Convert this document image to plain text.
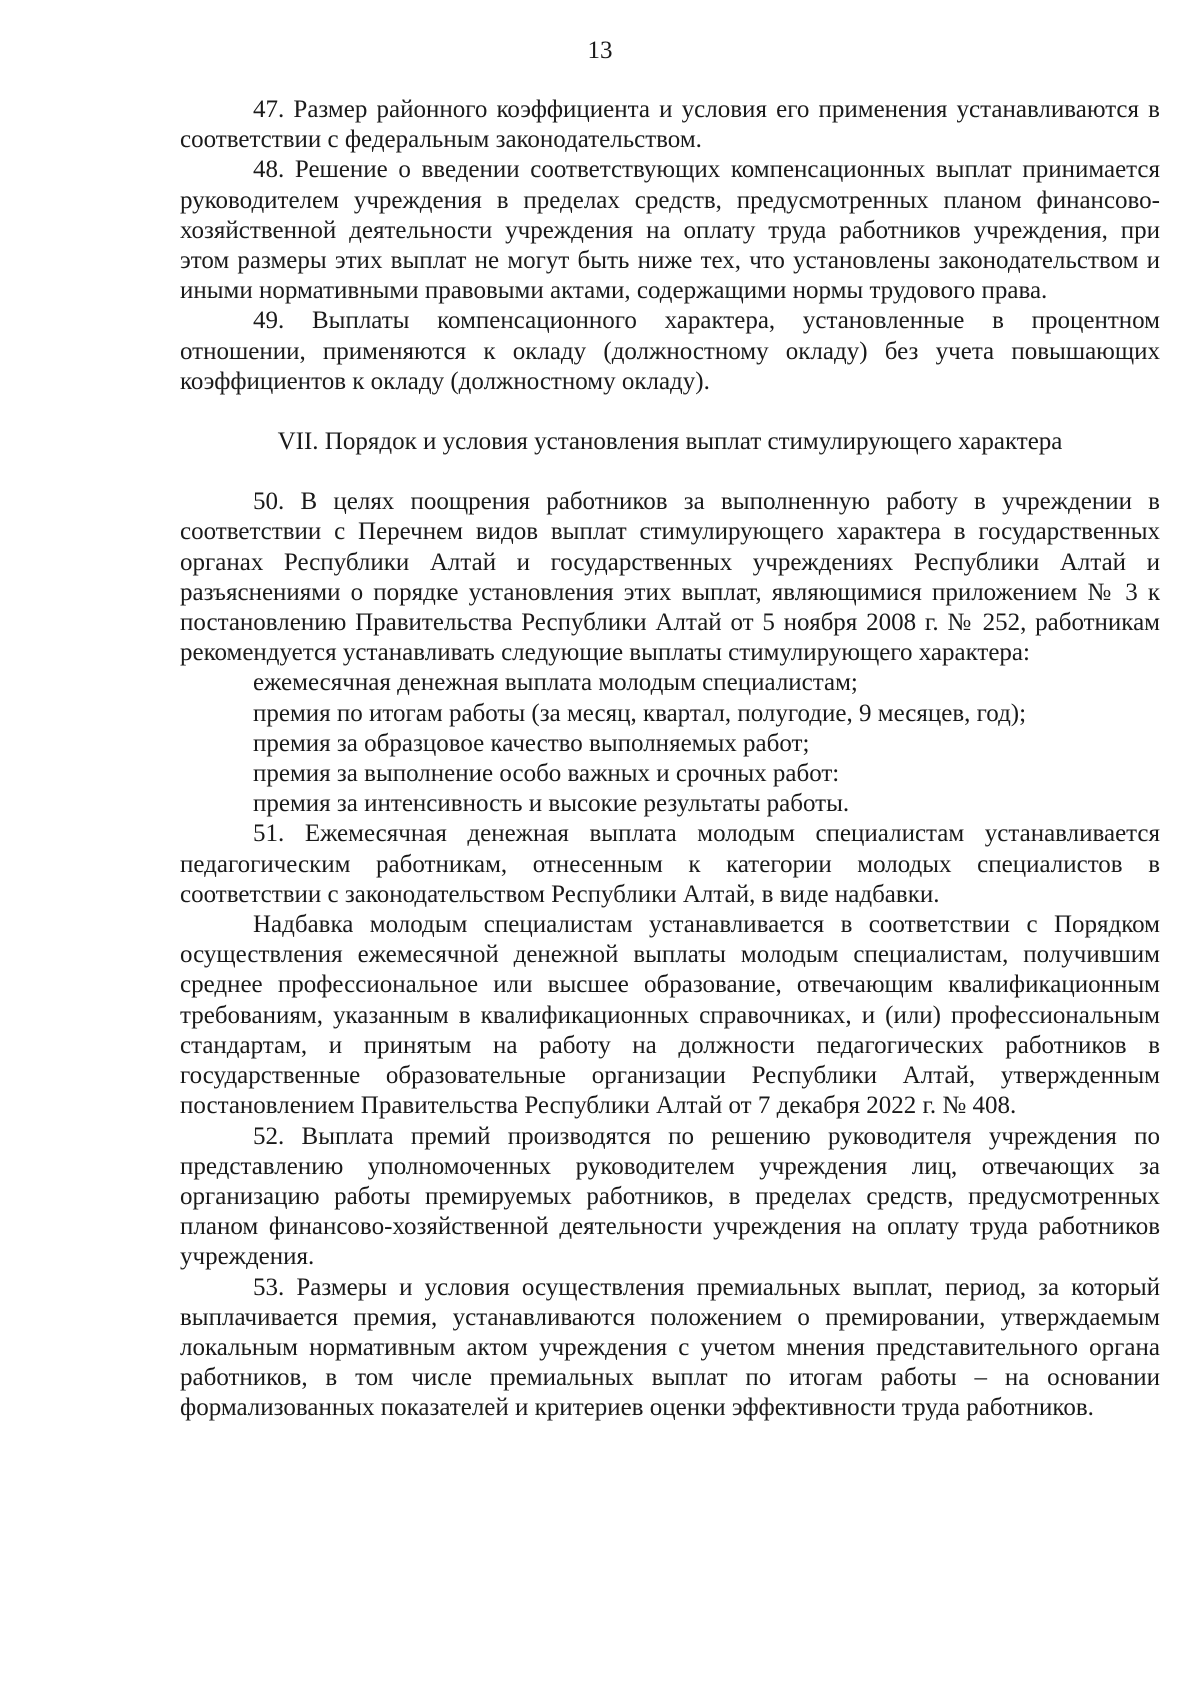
13

47. Размер районного коэффициента и условия его применения устанавливаются в соответствии с федеральным законодательством.

48. Решение о введении соответствующих компенсационных выплат принимается руководителем учреждения в пределах средств, предусмотренных планом финансово-хозяйственной деятельности учреждения на оплату труда работников учреждения, при этом размеры этих выплат не могут быть ниже тех, что установлены законодательством и иными нормативными правовыми актами, содержащими нормы трудового права.

49. Выплаты компенсационного характера, установленные в процентном отношении, применяются к окладу (должностному окладу) без учета повышающих коэффициентов к окладу (должностному окладу).

VII. Порядок и условия установления выплат стимулирующего характера

50. В целях поощрения работников за выполненную работу в учреждении в соответствии с Перечнем видов выплат стимулирующего характера в государственных органах Республики Алтай и государственных учреждениях Республики Алтай и разъяснениями о порядке установления этих выплат, являющимися приложением № 3 к постановлению Правительства Республики Алтай от 5 ноября 2008 г. № 252, работникам рекомендуется устанавливать следующие выплаты стимулирующего характера:

ежемесячная денежная выплата молодым специалистам;

премия по итогам работы (за месяц, квартал, полугодие, 9 месяцев, год);

премия за образцовое качество выполняемых работ;

премия за выполнение особо важных и срочных работ:

премия за интенсивность и высокие результаты работы.

51. Ежемесячная денежная выплата молодым специалистам устанавливается педагогическим работникам, отнесенным к категории молодых специалистов в соответствии с законодательством Республики Алтай, в виде надбавки.

Надбавка молодым специалистам устанавливается в соответствии с Порядком осуществления ежемесячной денежной выплаты молодым специалистам, получившим среднее профессиональное или высшее образование, отвечающим квалификационным требованиям, указанным в квалификационных справочниках, и (или) профессиональным стандартам, и принятым на работу на должности педагогических работников в государственные образовательные организации Республики Алтай, утвержденным постановлением Правительства Республики Алтай от 7 декабря 2022 г. № 408.

52. Выплата премий производятся по решению руководителя учреждения по представлению уполномоченных руководителем учреждения лиц, отвечающих за организацию работы премируемых работников, в пределах средств, предусмотренных планом финансово-хозяйственной деятельности учреждения на оплату труда работников учреждения.

53. Размеры и условия осуществления премиальных выплат, период, за который выплачивается премия, устанавливаются положением о премировании, утверждаемым локальным нормативным актом учреждения с учетом мнения представительного органа работников, в том числе премиальных выплат по итогам работы – на основании формализованных показателей и критериев оценки эффективности труда работников.
